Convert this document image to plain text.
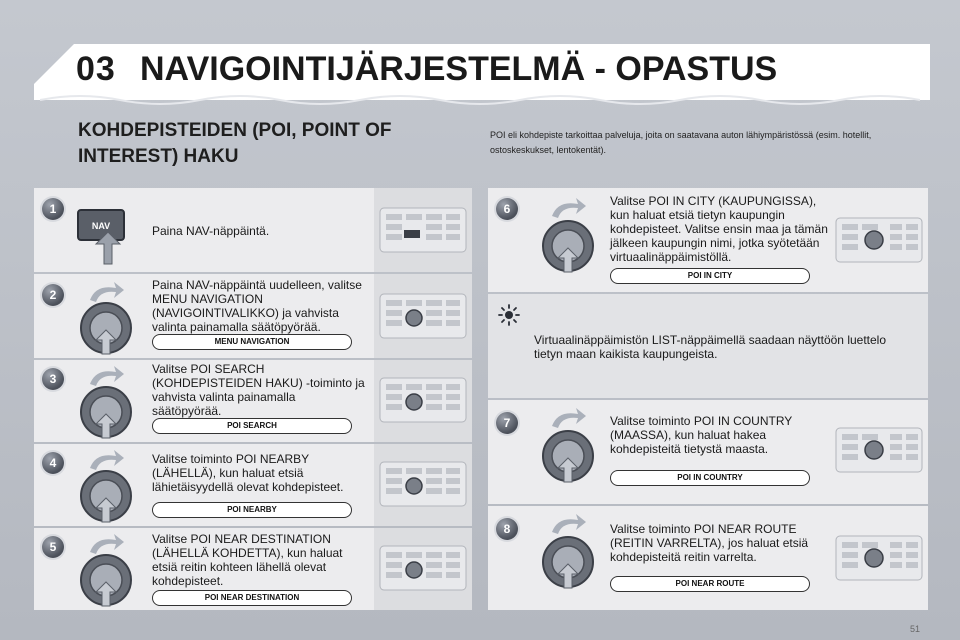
03 NAVIGOINTIJÄRJESTELMÄ - OPASTUS
KOHDEPISTEIDEN (POI, POINT OF INTEREST) HAKU
POI eli kohdepiste tarkoittaa palveluja, joita on saatavana auton lähiympäristössä (esim. hotellit, ostoskeskukset, lentokentät).
1
NAV	Paina NAV-näppäintä.
2
Paina NAV-näppäintä uudelleen, valitse MENU NAVIGATION (NAVIGOINTIVALIKKO) ja vahvista valinta painamalla säätöpyörää.
MENU NAVIGATION
3
Valitse POI SEARCH (KOHDEPISTEIDEN HAKU) -toiminto ja vahvista valinta painamalla säätöpyörää.
POI SEARCH
4	Valitse toiminto POI NEARBY (LÄHELLÄ), kun haluat etsiä lähietäisyydellä olevat kohdepisteet.
POI NEARBY
5
Valitse POI NEAR DESTINATION (LÄHELLÄ KOHDETTA), kun haluat etsiä reitin kohteen lähellä olevat kohdepisteet.
POI NEAR DESTINATION
6
Valitse POI IN CITY (KAUPUNGISSA), kun haluat etsiä tietyn kaupungin kohdepisteet. Valitse ensin maa ja tämän jälkeen kaupungin nimi, jotka syötetään virtuaalinäppäimistöllä.
POI IN CITY
Virtuaalinäppäimistön LIST-näppäimellä saadaan näyttöön luettelo tietyn maan kaikista kaupungeista.
7	Valitse toiminto POI IN COUNTRY (MAASSA), kun haluat hakea kohdepisteitä tietystä maasta.
POI IN COUNTRY
8	Valitse toiminto POI NEAR ROUTE (REITIN VARRELTA), jos haluat etsiä kohdepisteitä reitin varrelta.
POI NEAR ROUTE
51
